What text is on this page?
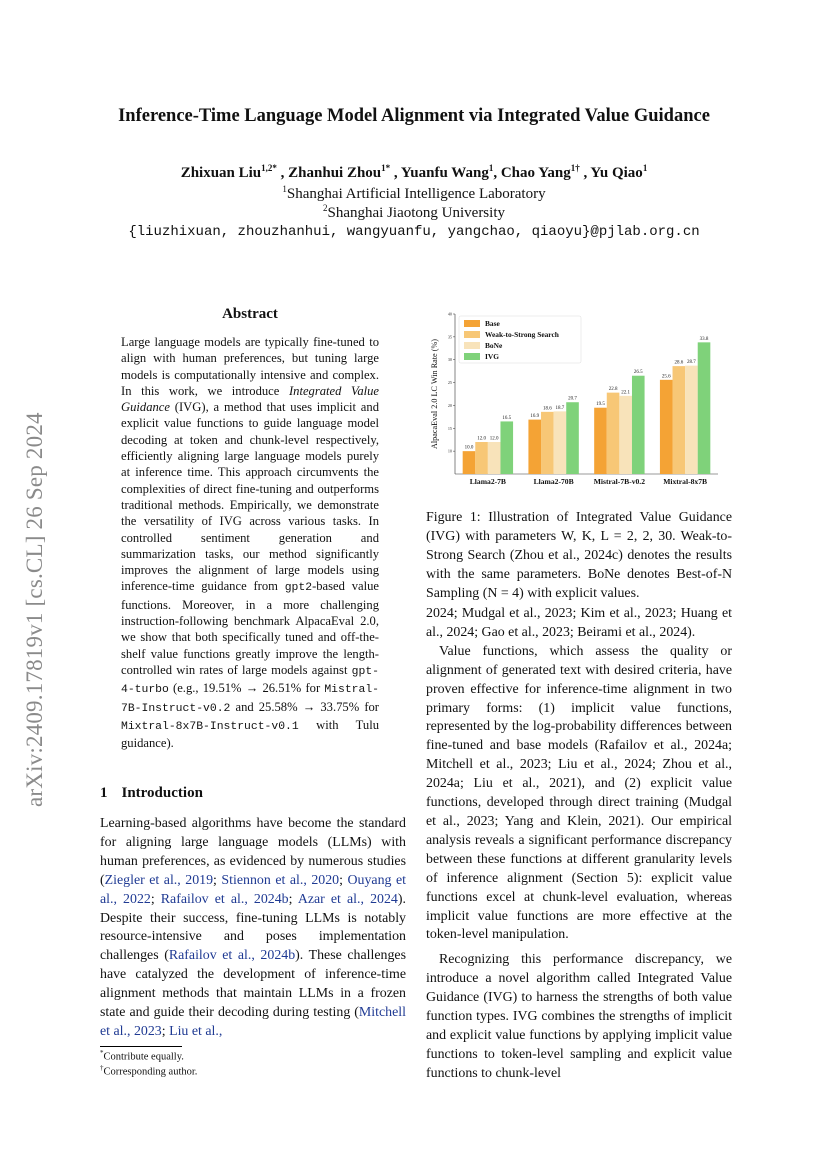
arXiv:2409.17819v1 [cs.CL] 26 Sep 2024
Inference-Time Language Model Alignment via Integrated Value Guidance
Zhixuan Liu$^{1,2*}$ , Zhanhui Zhou$^{1*}$ , Yuanfu Wang$^1$, Chao Yang$^{1\dagger}$ , Yu Qiao$^1$
$^1$Shanghai Artificial Intelligence Laboratory
$^2$Shanghai Jiaotong University
{liuzhixuan, zhouzhanhui, wangyuanfu, yangchao, qiaoyu}@pjlab.org.cn
Abstract
Large language models are typically fine-tuned to align with human preferences, but tuning large models is computationally intensive and complex. In this work, we introduce Integrated Value Guidance (IVG), a method that uses implicit and explicit value functions to guide language model decoding at token and chunk-level respectively, efficiently aligning large language models purely at inference time. This approach circumvents the complexities of direct fine-tuning and outperforms traditional methods. Empirically, we demonstrate the versatility of IVG across various tasks. In controlled sentiment generation and summarization tasks, our method significantly improves the alignment of large models using inference-time guidance from gpt2-based value functions. Moreover, in a more challenging instruction-following benchmark AlpacaEval 2.0, we show that both specifically tuned and off-the-shelf value functions greatly improve the length-controlled win rates of large models against gpt-4-turbo (e.g., 19.51% → 26.51% for Mistral-7B-Instruct-v0.2 and 25.58% → 33.75% for Mixtral-8x7B-Instruct-v0.1 with Tulu guidance).
1 Introduction

Learning-based algorithms have become the standard for aligning large language models (LLMs) with human preferences, as evidenced by numerous studies (Ziegler et al., 2019; Stiennon et al., 2020; Ouyang et al., 2022; Rafailov et al., 2024b; Azar et al., 2024). Despite their success, fine-tuning LLMs is notably resource-intensive and poses implementation challenges (Rafailov et al., 2024b). These challenges have catalyzed the development of inference-time alignment methods that maintain LLMs in a frozen state and guide their decoding during testing (Mitchell et al., 2023; Liu et al.,

*Contribute equally.
†Corresponding author.
10
15
20
25
30
35
40
AlpacaEval 2.0 LC Win Rate (%)	10.0
12.0 12.0
16.5
Llama2-7B
16.9
18.6 18.7
20.7
Llama2-70B
19.5
22.8
22.1
26.5
Mistral-7B-v0.2
25.6
28.6 28.7
33.8
Mixtral-8x7B
Base
Weak-to-Strong Search
BoNe
IVG
Figure 1: Illustration of Integrated Value Guidance (IVG) with parameters W, K, L = 2, 2, 30. Weak-to-Strong Search (Zhou et al., 2024c) denotes the results with the same parameters. BoNe denotes Best-of-N Sampling (N = 4) with explicit values.

2024; Mudgal et al., 2023; Kim et al., 2023; Huang et al., 2024; Gao et al., 2023; Beirami et al., 2024).

Value functions, which assess the quality or alignment of generated text with desired criteria, have proven effective for inference-time alignment in two primary forms: (1) implicit value functions, represented by the log-probability differences between fine-tuned and base models (Rafailov et al., 2024a; Mitchell et al., 2023; Liu et al., 2024; Zhou et al., 2024a; Liu et al., 2021), and (2) explicit value functions, developed through direct training (Mudgal et al., 2023; Yang and Klein, 2021). Our empirical analysis reveals a significant performance discrepancy between these functions at different granularity levels of inference alignment (Section 5): explicit value functions excel at chunk-level evaluation, whereas implicit value functions are more effective at the token-level manipulation.

Recognizing this performance discrepancy, we introduce a novel algorithm called Integrated Value Guidance (IVG) to harness the strengths of both value function types. IVG combines the strengths of implicit and explicit value functions by applying implicit value functions to token-level sampling and explicit value functions to chunk-level
